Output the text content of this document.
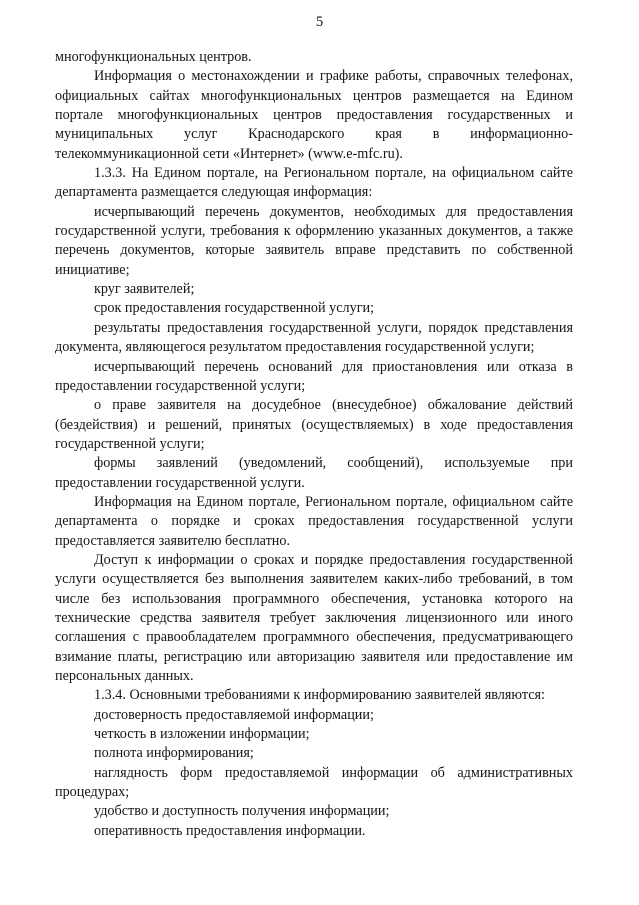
5

многофункциональных центров.

Информация о местонахождении и графике работы, справочных телефонах, официальных сайтах многофункциональных центров размещается на Едином портале многофункциональных центров предоставления государственных и муниципальных услуг Краснодарского края в информационно-телекоммуникационной сети «Интернет» (www.e-mfc.ru).

1.3.3. На Едином портале, на Региональном портале, на официальном сайте департамента размещается следующая информация:

исчерпывающий перечень документов, необходимых для предоставления государственной услуги, требования к оформлению указанных документов, а также перечень документов, которые заявитель вправе представить по собственной инициативе;

круг заявителей;

срок предоставления государственной услуги;

результаты предоставления государственной услуги, порядок представления документа, являющегося результатом предоставления государственной услуги;

исчерпывающий перечень оснований для приостановления или отказа в предоставлении государственной услуги;

о праве заявителя на досудебное (внесудебное) обжалование действий (бездействия) и решений, принятых (осуществляемых) в ходе предоставления государственной услуги;

формы заявлений (уведомлений, сообщений), используемые при предоставлении государственной услуги.

Информация на Едином портале, Региональном портале, официальном сайте департамента о порядке и сроках предоставления государственной услуги предоставляется заявителю бесплатно.

Доступ к информации о сроках и порядке предоставления государственной услуги осуществляется без выполнения заявителем каких-либо требований, в том числе без использования программного обеспечения, установка которого на технические средства заявителя требует заключения лицензионного или иного соглашения с правообладателем программного обеспечения, предусматривающего взимание платы, регистрацию или авторизацию заявителя или предоставление им персональных данных.

1.3.4. Основными требованиями к информированию заявителей являются:

достоверность предоставляемой информации;

четкость в изложении информации;

полнота информирования;

наглядность форм предоставляемой информации об административных процедурах;

удобство и доступность получения информации;

оперативность предоставления информации.
